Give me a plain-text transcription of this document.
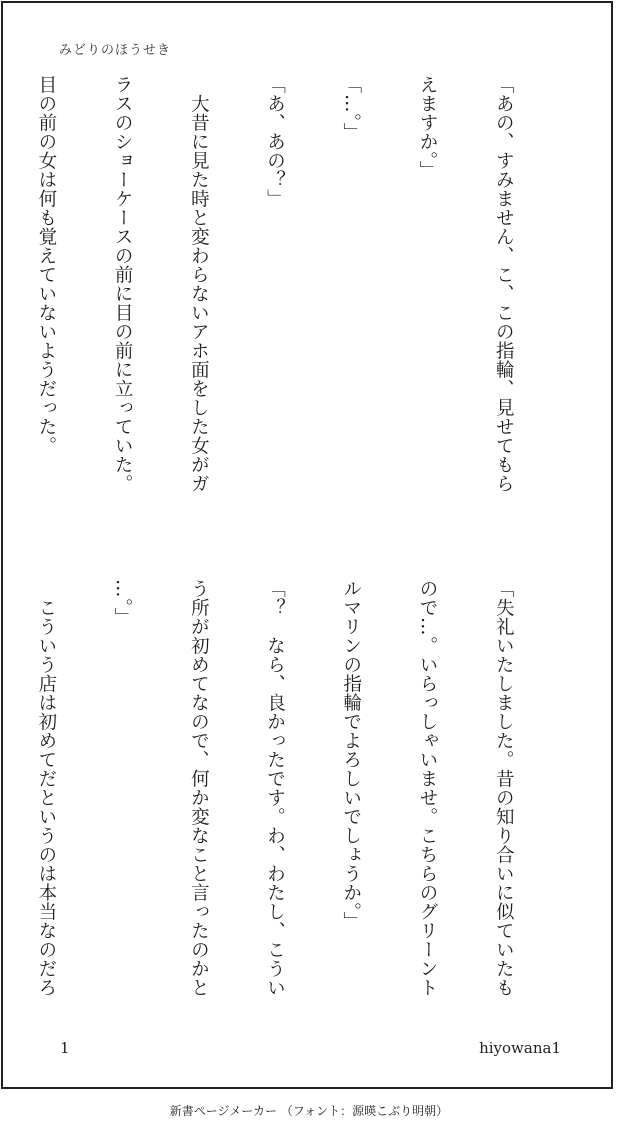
みどりのほうせき

「あの、すみません、こ、この指輪、見せてもら

えますか。」

「…。」

「あ、あの？」

　大昔に見た時と変わらないアホ面をした女がガ

ラスのショーケースの前に目の前に立っていた。

目の前の女は何も覚えていないようだった。

「失礼いたしました。昔の知り合いに似ていたも

ので…。いらっしゃいませ。こちらのグリーント

ルマリンの指輪でよろしいでしょうか。」

「？　なら、良かったです。わ、わたし、こうい

う所が初めてなので、何か変なこと言ったのかと

…。」

　こういう店は初めてだというのは本当なのだろ

1	hiyowana1
新書ページメーカー （フォント：源暎こぶり明朝）
